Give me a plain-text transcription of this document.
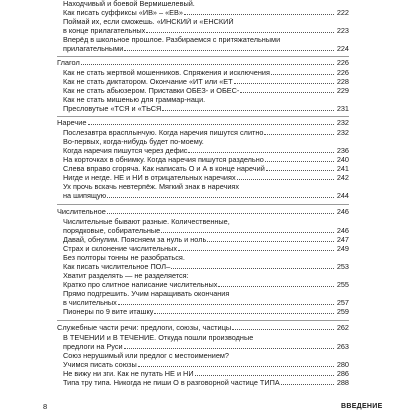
Находчивый и боевой Вермишелевый.
Как писать суффиксы «ИВ» – «ЕВ»	222
Поймай их, если сможешь. «ИНСКИЙ и «ЕНСКИЙ
в конце прилагательных	223
Вперёд в школьное прошлое. Разбираемся с притяжательными
прилагательными	224
Глагол	226
Как не стать жертвой мошенников. Спряжения и исключения	226
Как не стать диктатором. Окончание «ИТ или «ЕТ	228
Как не стать абьюзером. Приставки ОБЕЗ- и ОБЕС-	229
Как не стать мишенью для граммар-наци.
Пресловутые «ТСЯ и «ТЬСЯ	231
Наречие	232
Послезавтра врасплынчую. Когда наречия пишутся слитно	232
Во-первых, когда-нибудь будет по-моему.
Когда наречия пишутся через дефис	236
На корточках в обнимку. Когда наречия пишутся раздельно	240
Слева вправо сгоряча. Как написать О и А в конце наречий	241
Нигде и негде. НЕ и НИ в отрицательных наречиях	242
Ух прочь вскачь невтерпёж. Мягкий знак в наречиях
на шипящую	244
Числительное	246
Числительные бывают разные. Количественные,
порядковые, собирательные	246
Давай, обнулим. Поясняем за нуль и ноль	247
Страх и склонение числительных	249
Без полторы тонны не разобраться.
Как писать числительное ПОЛ–	253
Хватит разделять — не разделяется:
Кратко про слитное написание числительных	255
Прямо подгрешить. Учим наращивать окончания
в числительных	257
Пионеры по 9 вите иташку	259
Служебные части речи: предлоги, союзы, частицы	262
В ТЕЧЕНИИ и В ТЕЧЕНИЕ. Откуда пошли производные
предлоги на Руси	263
Союз нерушимый или предлог с местоимением?
Учимся писать союзы	280
Не вижу ни зги. Как не путать НЕ и НИ	286
Типа тру типа. Никогда не пиши О в разговорной частице ТИПА	288
8	ВВЕДЕНИЕ
